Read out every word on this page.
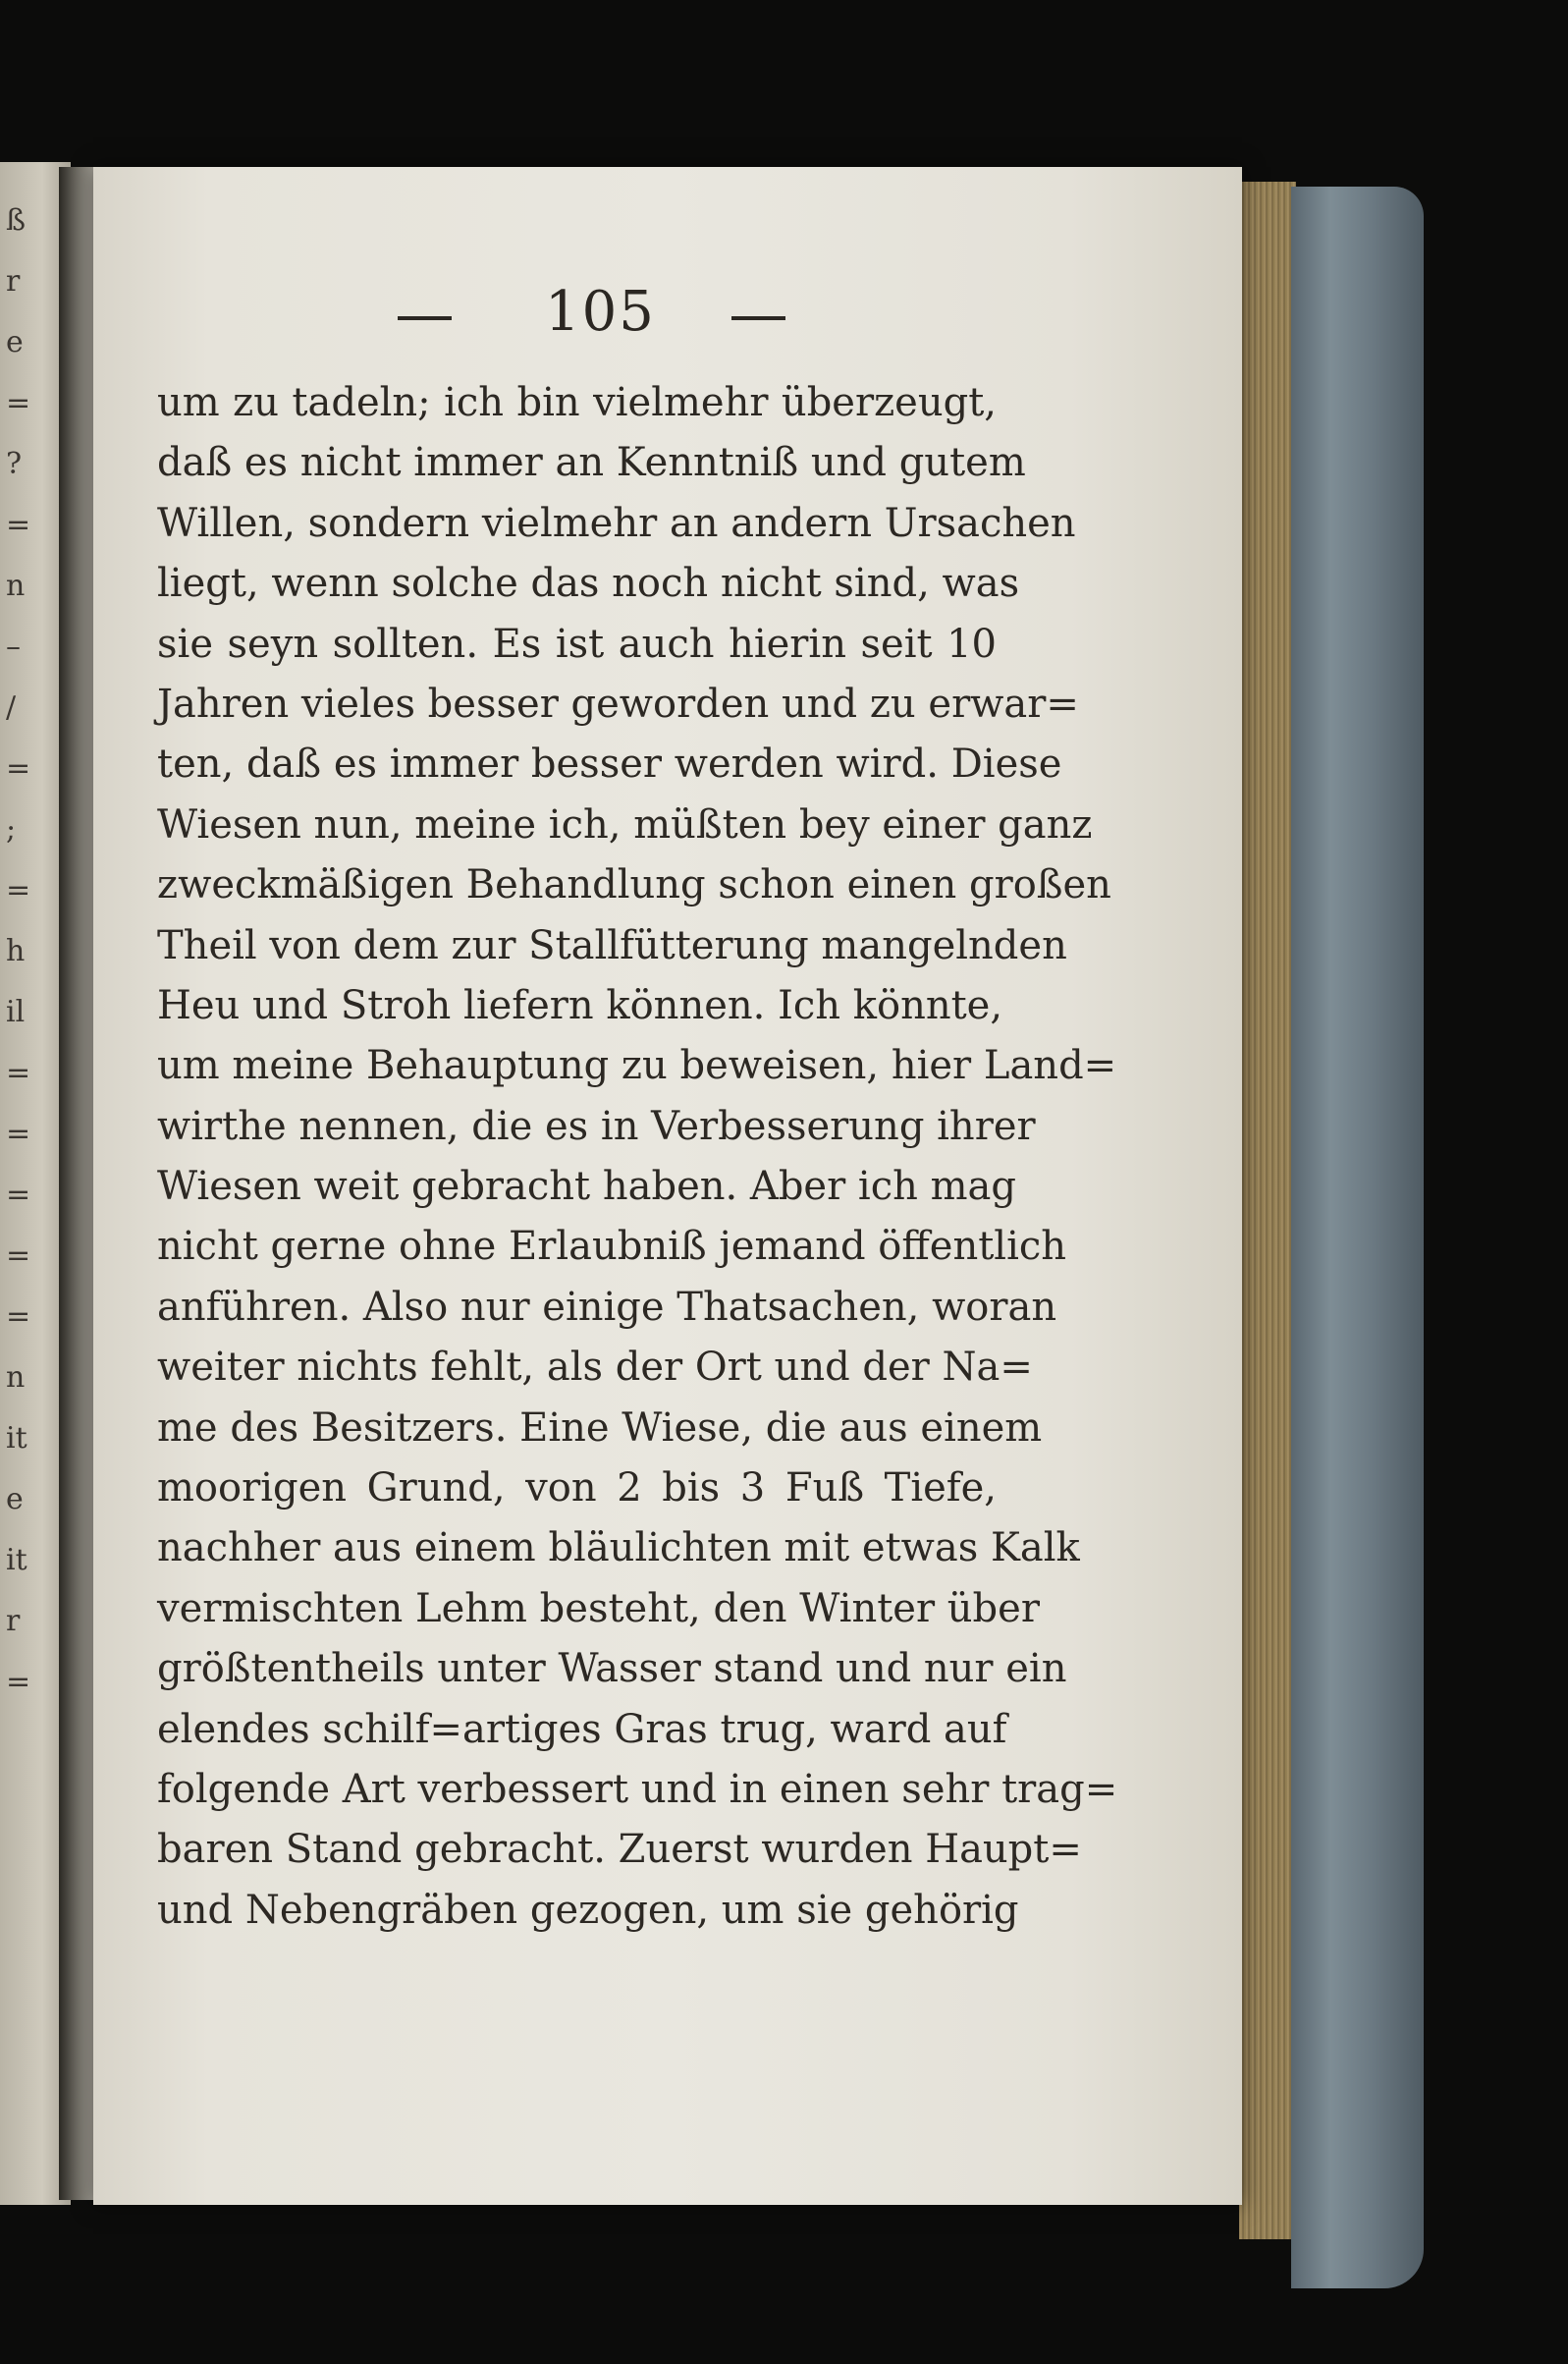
ß
r
e
=
?
=
n
–
/
=
;
=
h
il
=
=
=
=
=
n
it
e
it
r
=
105
um zu tadeln; ich bin vielmehr überzeugt,
daß es nicht immer an Kenntniß und gutem
Willen, sondern vielmehr an andern Ursachen
liegt, wenn solche das noch nicht sind, was
sie seyn sollten. Es ist auch hierin seit 10
Jahren vieles besser geworden und zu erwar=
ten, daß es immer besser werden wird. Diese
Wiesen nun, meine ich, müßten bey einer ganz
zweckmäßigen Behandlung schon einen großen
Theil von dem zur Stallfütterung mangelnden
Heu und Stroh liefern können. Ich könnte,
um meine Behauptung zu beweisen, hier Land=
wirthe nennen, die es in Verbesserung ihrer
Wiesen weit gebracht haben. Aber ich mag
nicht gerne ohne Erlaubniß jemand öffentlich
anführen. Also nur einige Thatsachen, woran
weiter nichts fehlt, als der Ort und der Na=
me des Besitzers. Eine Wiese, die aus einem
moorigen Grund, von 2 bis 3 Fuß Tiefe,
nachher aus einem bläulichten mit etwas Kalk
vermischten Lehm besteht, den Winter über
größtentheils unter Wasser stand und nur ein
elendes schilf=artiges Gras trug, ward auf
folgende Art verbessert und in einen sehr trag=
baren Stand gebracht. Zuerst wurden Haupt=
und Nebengräben gezogen, um sie gehörig
